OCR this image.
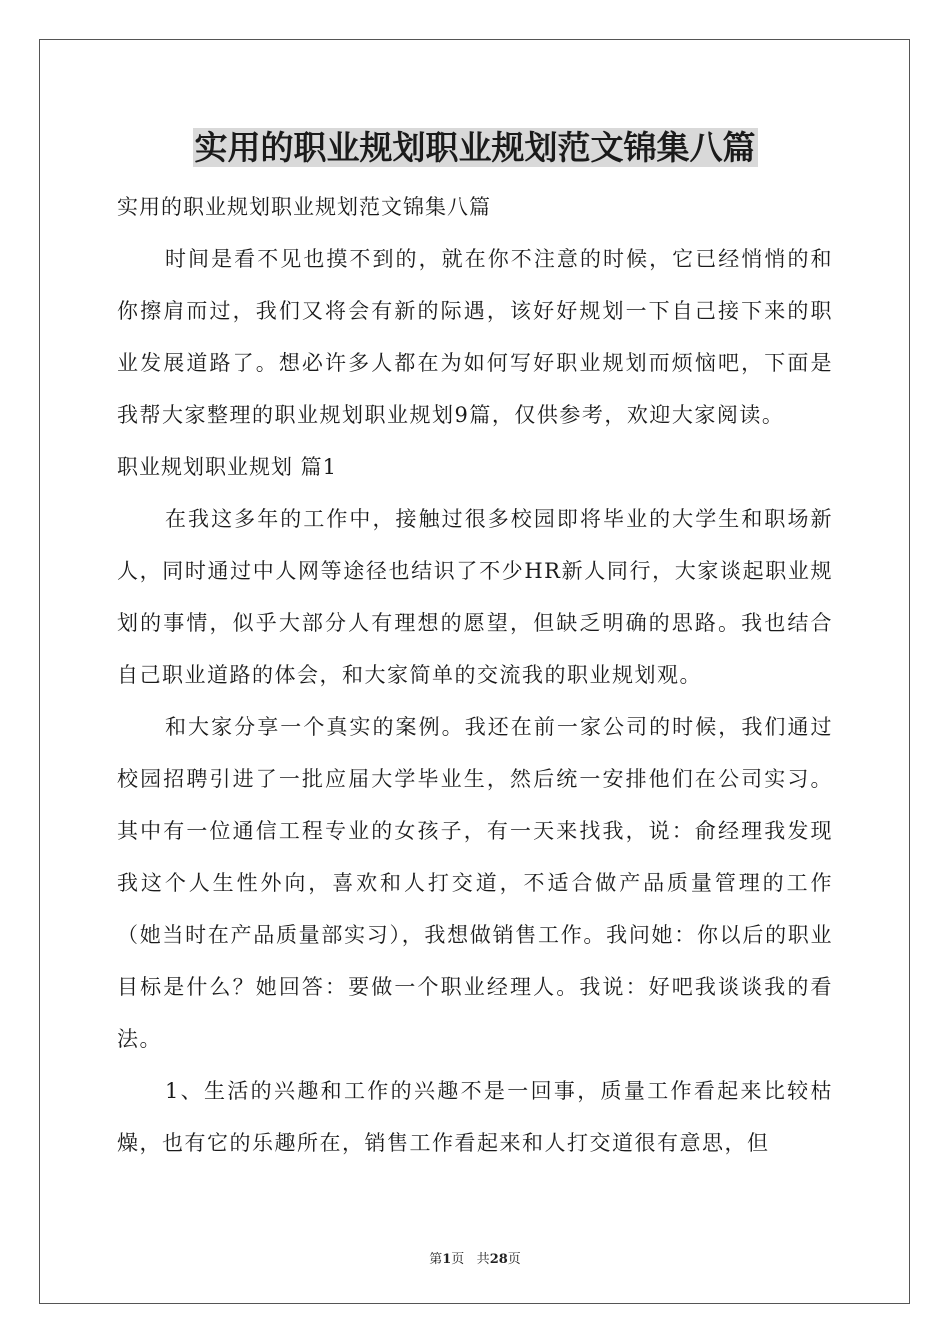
实用的职业规划职业规划范文锦集八篇

实用的职业规划职业规划范文锦集八篇

时间是看不见也摸不到的，就在你不注意的时候，它已经悄悄的和你擦肩而过，我们又将会有新的际遇，该好好规划一下自己接下来的职业发展道路了。想必许多人都在为如何写好职业规划而烦恼吧，下面是我帮大家整理的职业规划职业规划9篇，仅供参考，欢迎大家阅读。

职业规划职业规划 篇1

在我这多年的工作中，接触过很多校园即将毕业的大学生和职场新人，同时通过中人网等途径也结识了不少HR新人同行，大家谈起职业规划的事情，似乎大部分人有理想的愿望，但缺乏明确的思路。我也结合自己职业道路的体会，和大家简单的交流我的职业规划观。

和大家分享一个真实的案例。我还在前一家公司的时候，我们通过校园招聘引进了一批应届大学毕业生，然后统一安排他们在公司实习。其中有一位通信工程专业的女孩子，有一天来找我，说：俞经理我发现我这个人生性外向，喜欢和人打交道，不适合做产品质量管理的工作（她当时在产品质量部实习），我想做销售工作。我问她：你以后的职业目标是什么？她回答：要做一个职业经理人。我说：好吧我谈谈我的看法。

1、生活的兴趣和工作的兴趣不是一回事，质量工作看起来比较枯燥，也有它的乐趣所在，销售工作看起来和人打交道很有意思，但

第1页 共28页
